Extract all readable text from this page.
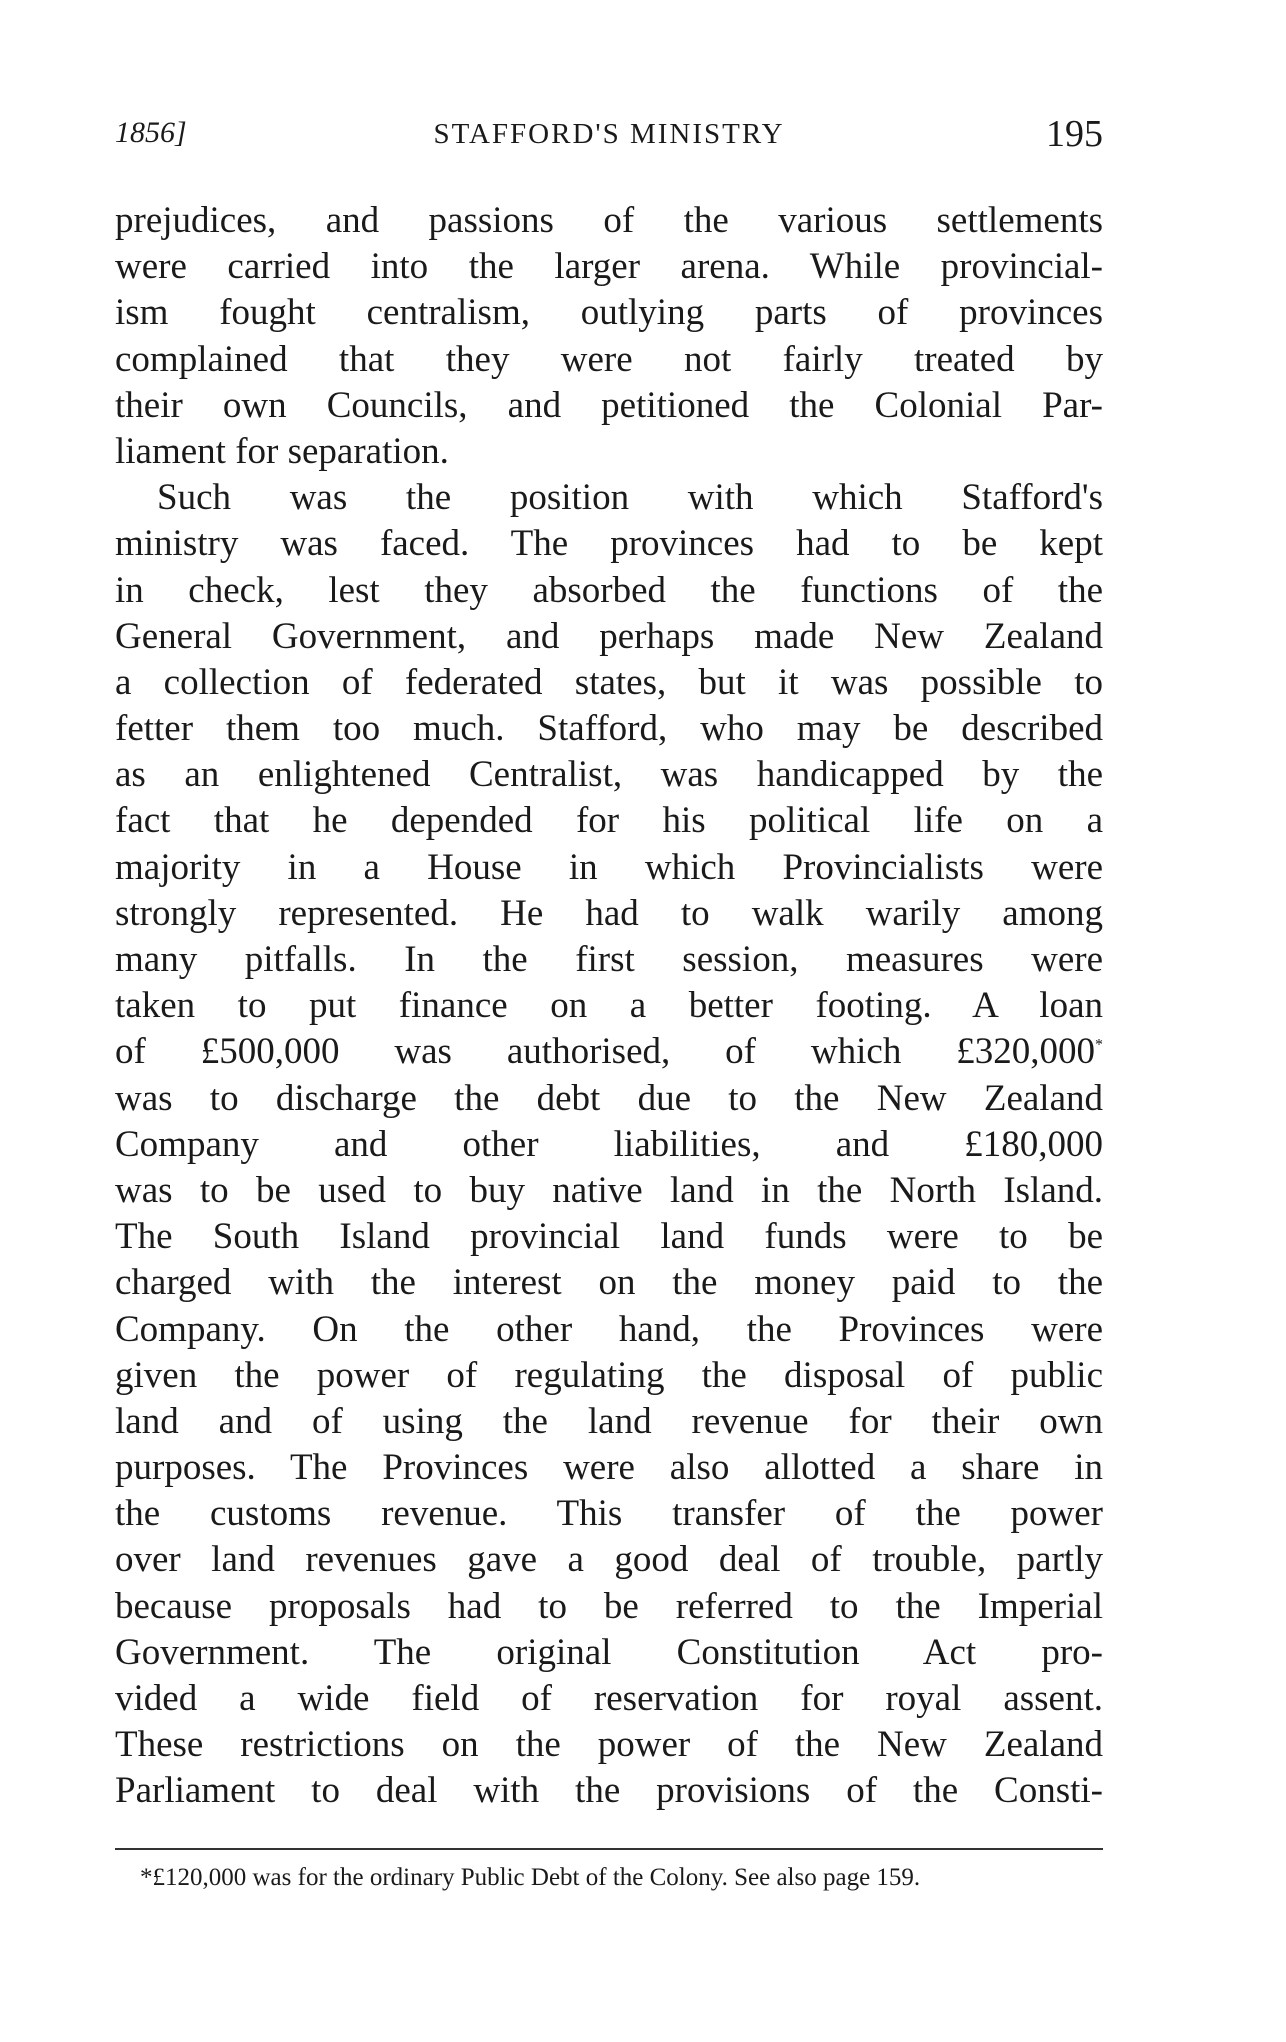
1856]	STAFFORD'S MINISTRY	195
prejudices, and passions of the various settlements
were carried into the larger arena. While provincial-
ism fought centralism, outlying parts of provinces
complained that they were not fairly treated by
their own Councils, and petitioned the Colonial Par-
liament for separation.
Such was the position with which Stafford's
ministry was faced. The provinces had to be kept
in check, lest they absorbed the functions of the
General Government, and perhaps made New Zealand
a collection of federated states, but it was possible to
fetter them too much. Stafford, who may be described
as an enlightened Centralist, was handicapped by the
fact that he depended for his political life on a
majority in a House in which Provincialists were
strongly represented. He had to walk warily among
many pitfalls. In the first session, measures were
taken to put finance on a better footing. A loan
of £500,000 was authorised, of which £320,000*
was to discharge the debt due to the New Zealand
Company and other liabilities, and £180,000
was to be used to buy native land in the North Island.
The South Island provincial land funds were to be
charged with the interest on the money paid to the
Company. On the other hand, the Provinces were
given the power of regulating the disposal of public
land and of using the land revenue for their own
purposes. The Provinces were also allotted a share in
the customs revenue. This transfer of the power
over land revenues gave a good deal of trouble, partly
because proposals had to be referred to the Imperial
Government. The original Constitution Act pro-
vided a wide field of reservation for royal assent.
These restrictions on the power of the New Zealand
Parliament to deal with the provisions of the Consti-
*£120,000 was for the ordinary Public Debt of the Colony. See also page 159.
